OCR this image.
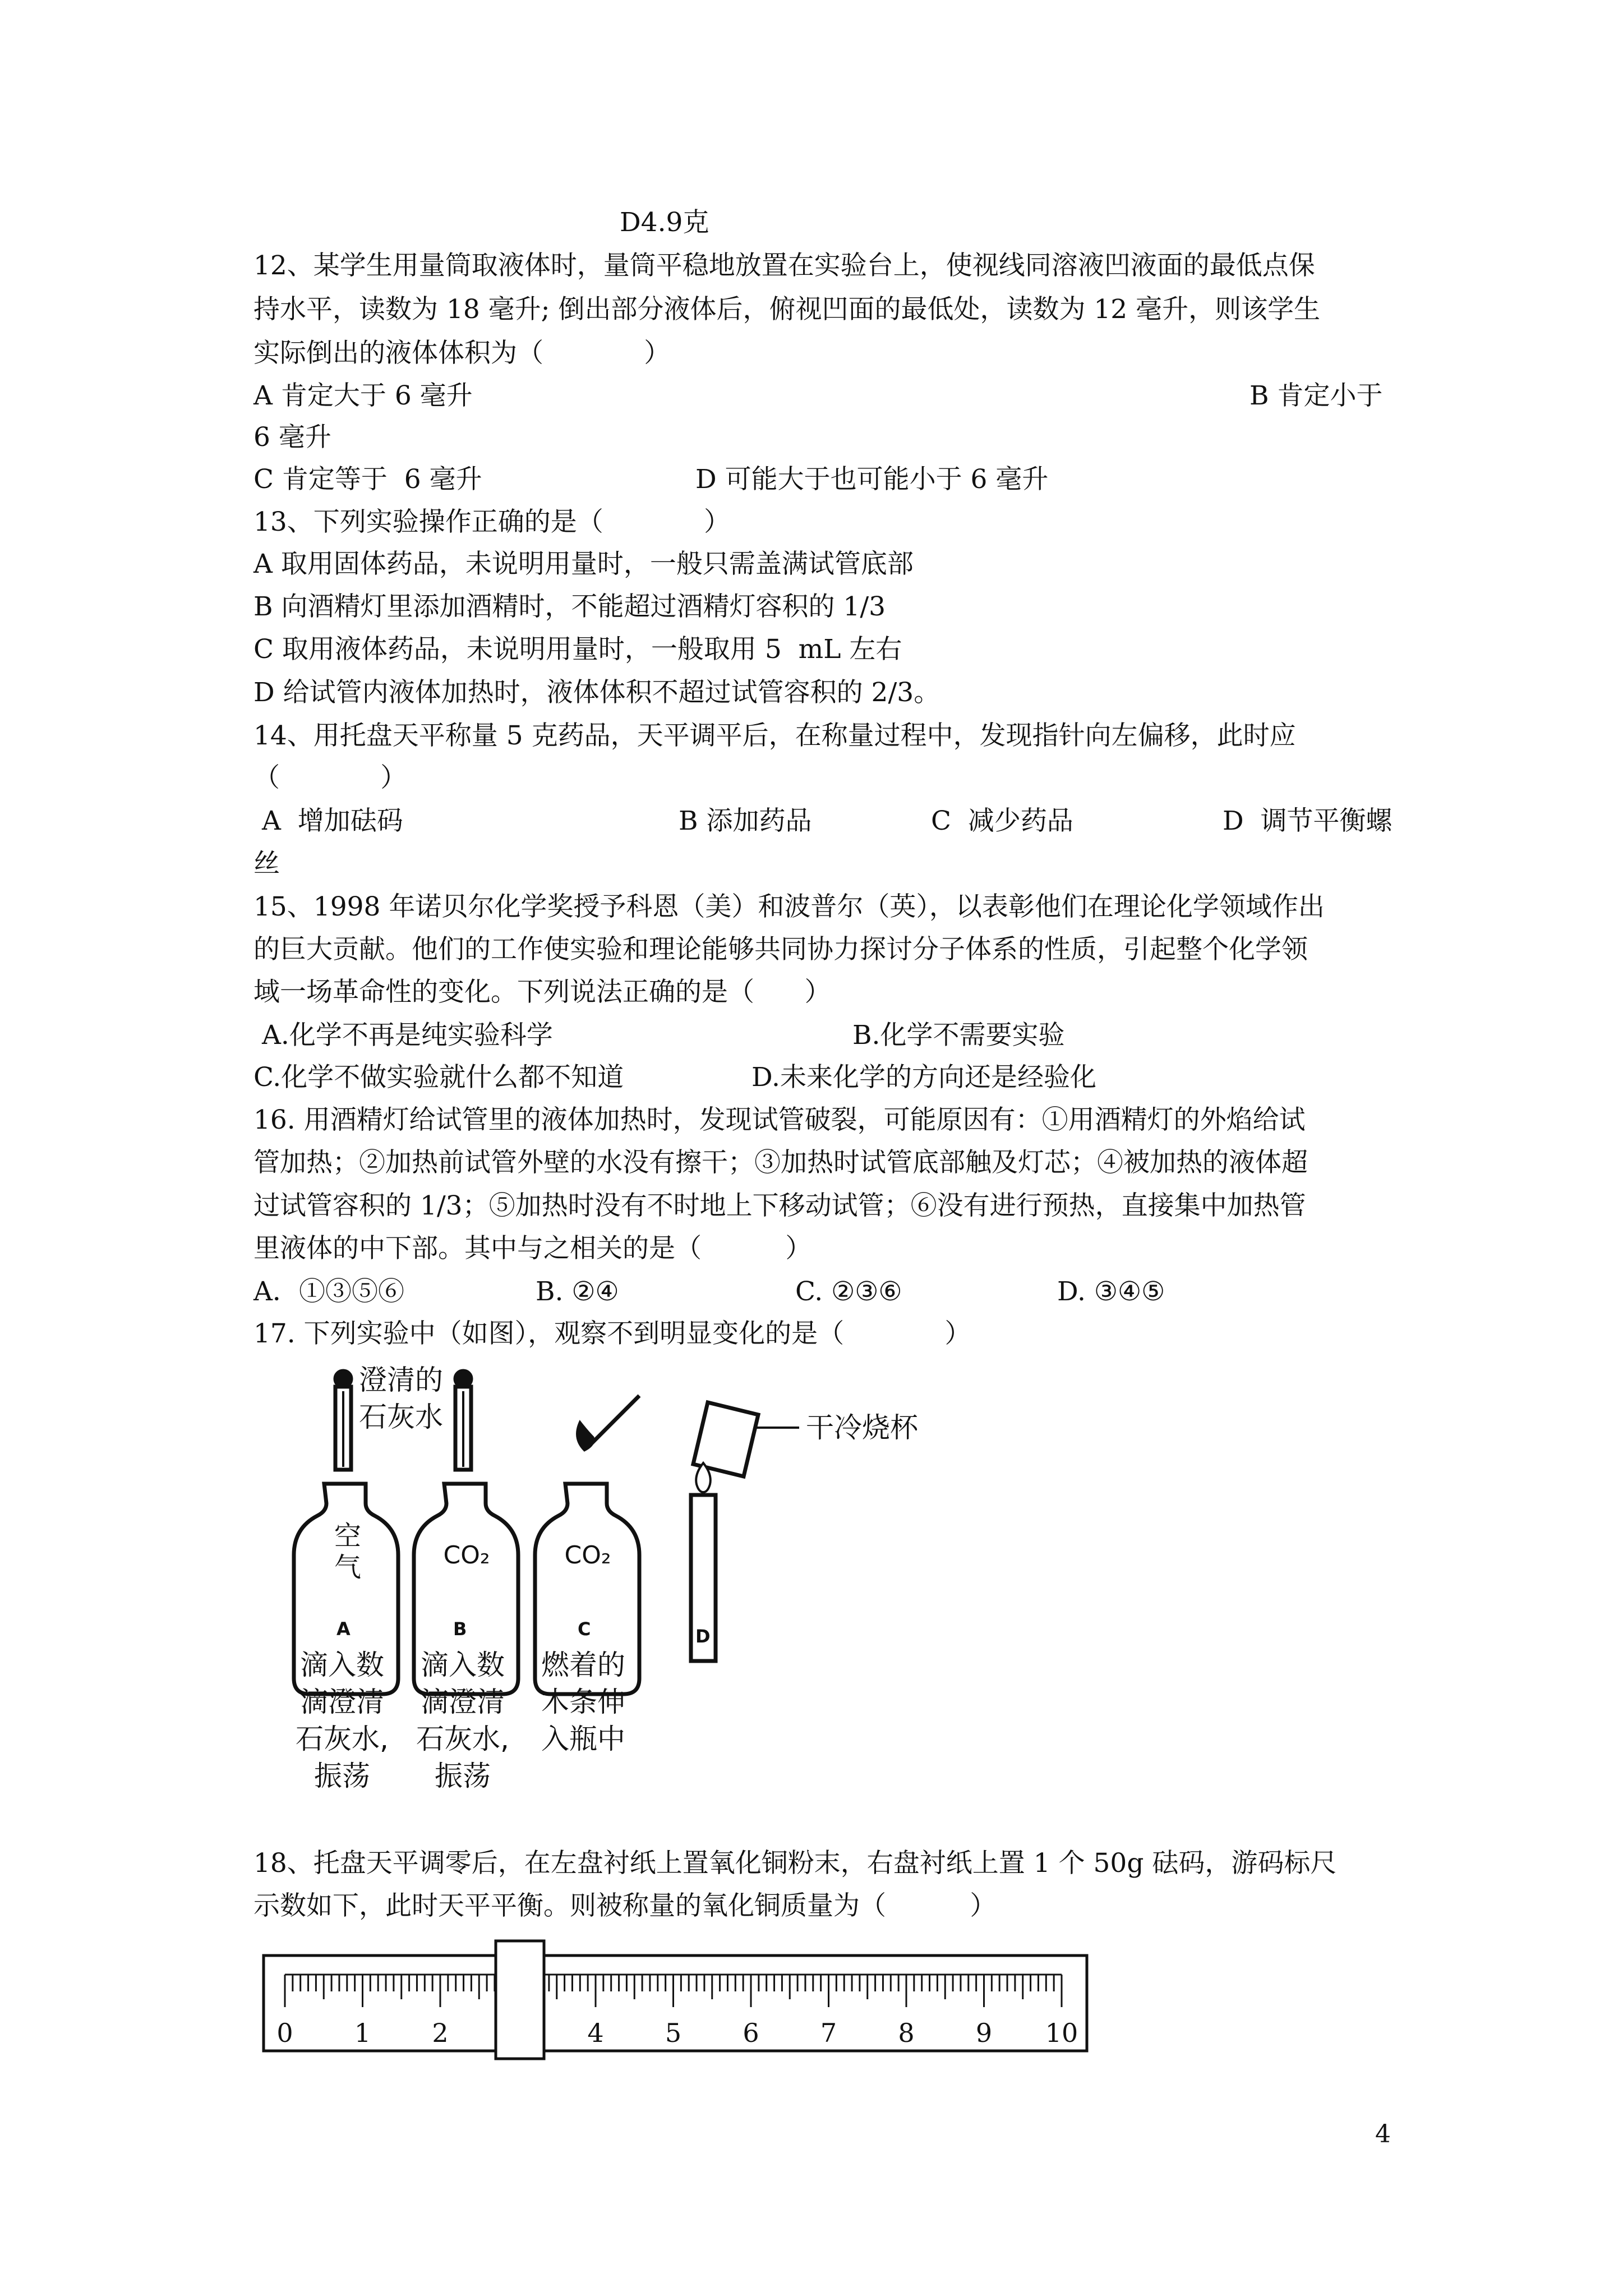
D4.9克
12、某学生用量筒取液体时，量筒平稳地放置在实验台上，使视线同溶液凹液面的最低点保
持水平，读数为 18 毫升; 倒出部分液体后，俯视凹面的最低处，读数为 12 毫升，则该学生
实际倒出的液体体积为（            ）
A 肯定大于 6 毫升	B 肯定小于
6 毫升
C 肯定等于  6 毫升	D 可能大于也可能小于 6 毫升
13、下列实验操作正确的是（            ）
A 取用固体药品，未说明用量时，一般只需盖满试管底部
B 向酒精灯里添加酒精时，不能超过酒精灯容积的 1/3
C 取用液体药品，未说明用量时，一般取用 5  mL 左右
D 给试管内液体加热时，液体体积不超过试管容积的 2/3。
14、用托盘天平称量 5 克药品，天平调平后，在称量过程中，发现指针向左偏移，此时应
（            ）
A  增加砝码	B 添加药品	C  减少药品	D  调节平衡螺
丝
15、1998 年诺贝尔化学奖授予科恩（美）和波普尔（英），以表彰他们在理论化学领域作出
的巨大贡献。他们的工作使实验和理论能够共同协力探讨分子体系的性质，引起整个化学领
域一场革命性的变化。下列说法正确的是（      ）
A.化学不再是纯实验科学	B.化学不需要实验
C.化学不做实验就什么都不知道	D.未来化学的方向还是经验化
16. 用酒精灯给试管里的液体加热时，发现试管破裂，可能原因有：①用酒精灯的外焰给试
管加热；②加热前试管外壁的水没有擦干；③加热时试管底部触及灯芯；④被加热的液体超
过试管容积的 1/3；⑤加热时没有不时地上下移动试管；⑥没有进行预热，直接集中加热管
里液体的中下部。其中与之相关的是（          ）
A．①③⑤⑥	B. ②④	C. ②③⑥	D. ③④⑤
17. 下列实验中（如图），观察不到明显变化的是（            ）
澄清的
石灰水
空
气	CO₂	CO₂
干冷烧杯
A	B	C	D
滴入数
滴澄清
石灰水,
振荡
滴入数
滴澄清
石灰水,
振荡
燃着的
木条伸
入瓶中
18、托盘天平调零后，在左盘衬纸上置氧化铜粉末，右盘衬纸上置 1 个 50g 砝码，游码标尺
示数如下，此时天平平衡。则被称量的氧化铜质量为（          ）
0 1 2	4 5 6 7 8 9 10
4
